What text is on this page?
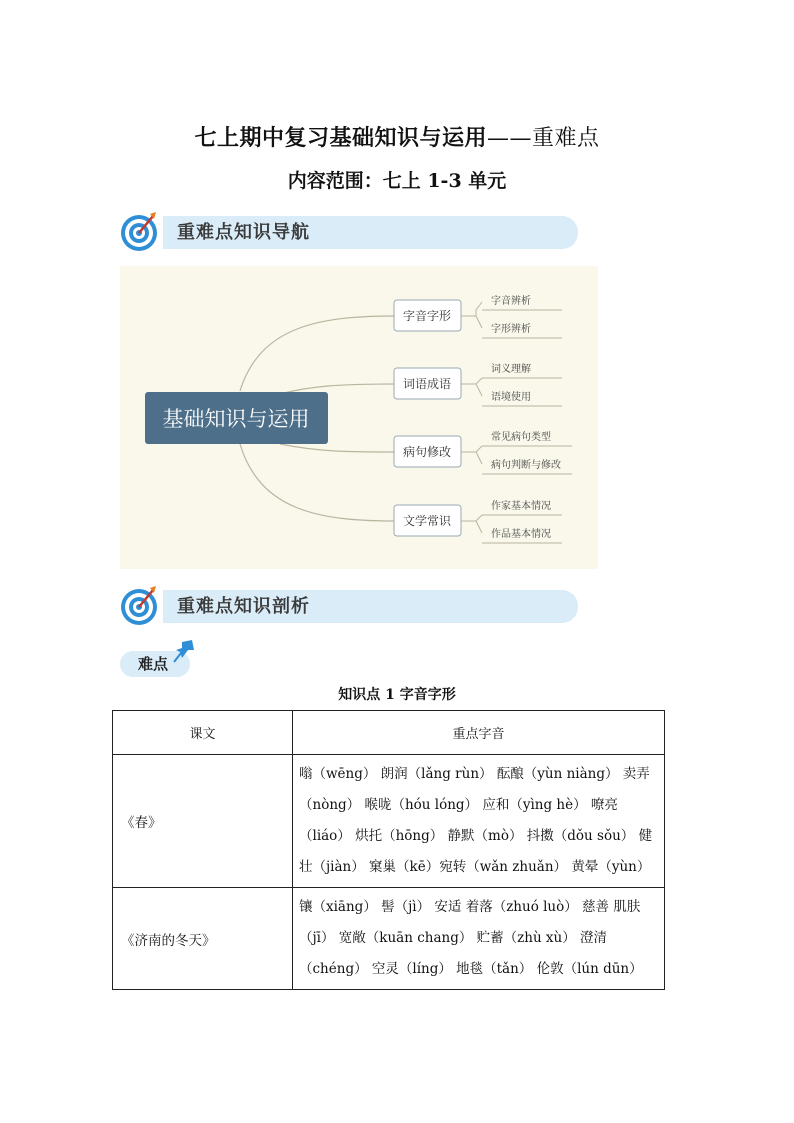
七上期中复习基础知识与运用——重难点
内容范围：七上 1-3 单元
重难点知识导航
基础知识与运用
字音字形
词语成语
病句修改
文学常识
字音辨析
字形辨析
词义理解
语境使用
常见病句类型
病句判断与修改
作家基本情况
作品基本情况
重难点知识剖析
难点
知识点 1 字音字形
课文	重点字音
《春》	嗡（wēng） 朗润（lǎng rùn） 酝酿（yùn niàng） 卖弄（nòng） 喉咙（hóu lóng） 应和（yìng hè） 嘹亮（liáo） 烘托（hōng） 静默（mò） 抖擞（dǒu sǒu） 健壮（jiàn） 窠巢（kē）宛转（wǎn zhuǎn） 黄晕（yùn）
《济南的冬天》	镶（xiāng） 髻（jì） 安适 着落（zhuó luò） 慈善 肌肤（jī） 宽敞（kuān chang） 贮蓄（zhù xù） 澄清（chéng） 空灵（líng） 地毯（tǎn） 伦敦（lún dūn）
